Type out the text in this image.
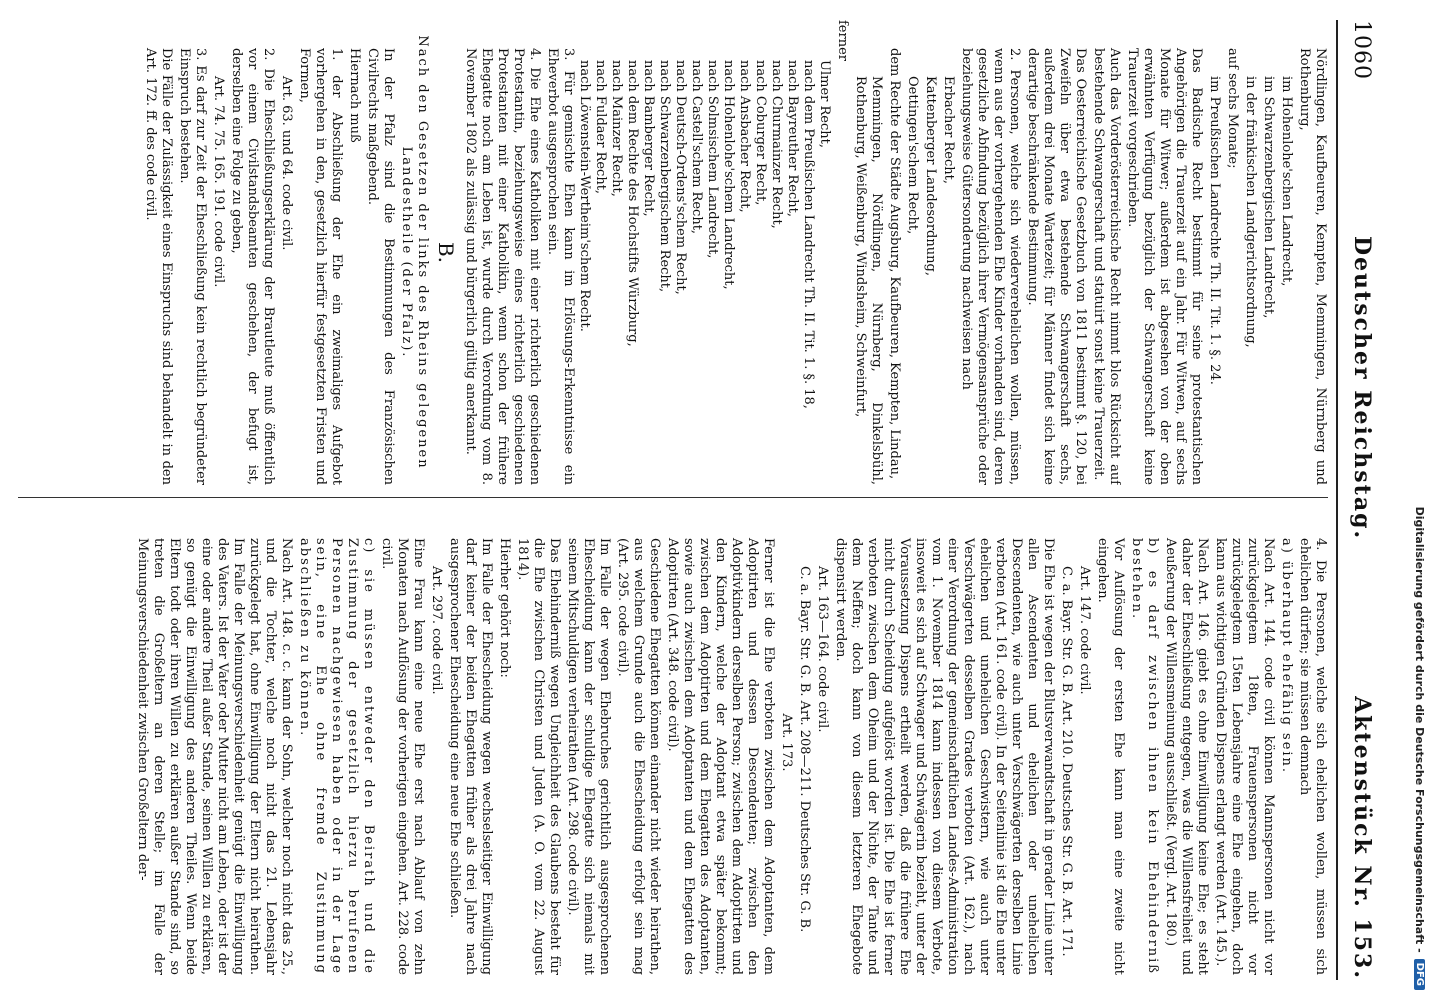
1060
Deutscher Reichstag.
Aktenstück Nr. 153.

Nördlingen, Kaufbeuren, Kempten, Memmingen, Nürnberg und Rothenburg,

im Hohenlohe'schen Landrecht,

im Schwarzenbergischen Landrecht,

in der fränkischen Landgerichtsordnung,

auf sechs Monate;

im Preußischen Landrechte Th. II. Tit. 1. §. 24.

Das Badische Recht bestimmt für seine protestantischen Angehörigen die Trauerzeit auf ein Jahr. Für Witwen, auf sechs Monate für Witwer; außerdem ist abgesehen von der oben erwähnten Verfügung bezüglich der Schwangerschaft keine Trauerzeit vorgeschrieben.

Auch das Vorderösterreichische Recht nimmt blos Rücksicht auf bestehende Schwangerschaft und statuirt sonst keine Trauerzeit.

Das Oesterreichische Gesetzbuch von 1811 bestimmt §. 120, bei Zweifeln über etwa bestehende Schwangerschaft sechs, außerdem drei Monate Wartezeit; für Männer findet sich keine derartige beschränkende Bestimmung.

2. Personen, welche sich wiederverehelichen wollen, müssen, wenn aus der vorhergehenden Ehe Kinder vorhanden sind, deren gesetzliche Abfindung bezüglich ihrer Vermögensansprüche oder beziehungsweise Gütersonderung nachweisen nach

Erbacher Recht,

Kattenberger Landesordnung,

Oettingen'schem Recht,

dem Rechte der Städte Augsburg, Kaufbeuren, Kempten, Lindau,

Memmingen, Nördlingen, Nürnberg, Dinkelsbühl, Rothenburg, Weißenburg, Windsheim, Schweinfurt,

ferner

Ulmer Recht,
nach dem Preußischen Landrecht Th. II. Tit. 1. §. 18,
nach Bayreuther Recht,
nach Churmainzer Recht,
nach Coburger Recht,
nach Ansbacher Recht,
nach Hohenlohe'schem Landrecht,
nach Solmsischem Landrecht,
nach Castell'schem Recht,
nach Deutsch-Ordens'schem Recht,
nach Schwarzenbergischem Recht,
nach Bamberger Recht,
nach dem Rechte des Hochstifts Würzburg,
nach Mainzer Recht,
nach Fuldaer Recht,
nach Löwenstein-Wertheim'schem Recht.

3. Für gemischte Ehen kann im Erlösungs-Erkenntnisse ein Eheverbot ausgesprochen sein.

4. Die Ehe eines Katholiken mit einer richterlich geschiedenen Protestantin, beziehungsweise eines richterlich geschiedenen Protestanten mit einer Katholikin, wenn schon der frühere Ehegatte noch am Leben ist, wurde durch Verordnung vom 8. November 1802 als zulässig und bürgerlich gültig anerkannt.

B.

Nach den Gesetzen der links des Rheins gelegenen Landestheile (der Pfalz).

In der Pfalz sind die Bestimmungen des Französischen Civilrechts maßgebend.

Hiernach muß

1. der Abschließung der Ehe ein zweimaliges Aufgebot vorhergehen in den, gesetzlich hierfür festgesetzten Fristen und Formen,

Art. 63. und 64. code civil.

2. Die Eheschließungserklärung der Brautleute muß öffentlich vor einem Civilstandsbeamten geschehen, der befugt ist, derselben eine Folge zu geben,

Art. 74. 75. 165. 191. code civil.

3. Es darf zur Zeit der Eheschließung kein rechtlich begründeter Einspruch bestehen.

Die Fälle der Zulässigkeit eines Einspruchs sind behandelt in den Art. 172. ff. des code civil.

4. Die Personen, welche sich ehelichen wollen, müssen sich ehelichen dürfen; sie müssen demnach

a) überhaupt ehefähig sein.

Nach Art. 144. code civil können Mannspersonen nicht vor zurückgelegtem 18ten, Frauenspersonen nicht vor zurückgelegtem 15ten Lebensjahre eine Ehe eingehen, doch kann aus wichtigen Gründen Dispens erlangt werden (Art. 145.).

Nach Art. 146. giebt es ohne Einwilligung keine Ehe; es steht daher der Eheschließung entgegen, was die Willensfreiheit und Aeußerung der Willensmeinung ausschließt. (Vergl. Art. 180.)

b) es darf zwischen ihnen kein Ehehinderniß bestehen.

Vor Auflösung der ersten Ehe kann man eine zweite nicht eingehen.

Art. 147. code civil.

C. a. Bayr. Str. G. B. Art. 210. Deutsches Str. G. B. Art. 171.

Die Ehe ist wegen der Blutsverwandtschaft in gerader Linie unter allen Ascendenten und ehelichen oder unehelichen Descendenten, wie auch unter Verschwägerten derselben Linie verboten (Art. 161. code civil). In der Seitenlinie ist die Ehe unter ehelichen und unehelichen Geschwistern, wie auch unter Verschwägerten desselben Grades verboten (Art. 162.), nach einer Verordnung der gemeinschaftlichen Landes-Administration vom 1. November 1814 kann indessen von diesem Verbote, insoweit es sich auf Schwager und Schwägerin bezieht, unter der Voraussetzung Dispens ertheilt werden, daß die frühere Ehe nicht durch Scheidung aufgelöst worden ist. Die Ehe ist ferner verboten zwischen dem Oheim und der Nichte, der Tante und dem Neffen; doch kann von diesem letzteren Ehegebote dispensirt werden.

Art. 163—164. code civil.

C. a. Bayr. Str. G. B. Art. 208—211. Deutsches Str. G. B.

Art. 173.

Ferner ist die Ehe verboten zwischen dem Adoptanten, dem Adoptirten und dessen Descendenten; zwischen den Adoptivkindern derselben Person; zwischen dem Adoptirten und den Kindern, welche der Adoptant etwa später bekommt; zwischen dem Adoptirten und dem Ehegatten des Adoptanten, sowie auch zwischen dem Adoptanten und dem Ehegatten des Adoptirten (Art. 348. code civil).

Geschiedene Ehegatten können einander nicht wieder heirathen, aus welchem Grunde auch die Ehescheidung erfolgt sein mag (Art. 295. code civil).

Im Falle der wegen Ehebruches gerichtlich ausgesprochenen Ehescheidung kann der schuldige Ehegatte sich niemals mit seinem Mitschuldigen verheirathen (Art. 298. code civil).

Das Ehehinderniß wegen Ungleichheit des Glaubens besteht für die Ehe zwischen Christen und Juden (A. O. vom 22. August 1814).

Hierher gehört noch:

Im Falle der Ehescheidung wegen wechselseitiger Einwilligung darf keiner der beiden Ehegatten früher als drei Jahre nach ausgesprochener Ehescheidung eine neue Ehe schließen.

Art. 297. code civil.

Eine Frau kann eine neue Ehe erst nach Ablauf von zehn Monaten nach Auflösung der vorherigen eingehen. Art. 228. code civil.

c) sie müssen entweder den Beirath und die Zustimmung der gesetzlich hierzu berufenen Personen nachgewiesen haben oder in der Lage sein, eine Ehe ohne fremde Zustimmung abschließen zu können.

Nach Art. 148. c. c. kann der Sohn, welcher noch nicht das 25., und die Tochter, welche noch nicht das 21. Lebensjahr zurückgelegt hat, ohne Einwilligung der Eltern nicht heirathen. Im Falle der Meinungsverschiedenheit genügt die Einwilligung des Vaters. Ist der Vater oder Mutter nicht am Leben, oder ist der eine oder andere Theil außer Stande, seinen Willen zu erklären, so genügt die Einwilligung des anderen Theiles. Wenn beide Eltern todt oder ihren Willen zu erklären außer Stande sind, so treten die Großeltern an deren Stelle; im Falle der Meinungsverschiedenheit zwischen Großeltern der-	Digitalisierung gefördert durch die Deutsche Forschungsgemeinschaft -
DFG
